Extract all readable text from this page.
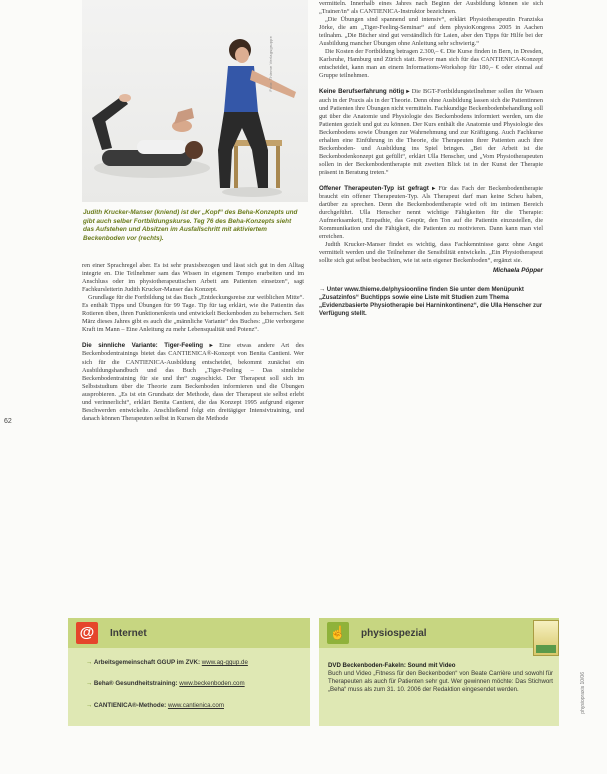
Foto: Thieme Verlagsgruppe
Judith Krucker-Manser (kniend) ist der „Kopf“ des Beha-Konzepts und gibt auch selber Fortbildungskurse. Teg 76 des Beha-Konzepts sieht das Aufstehen und Absitzen im Ausfallschritt mit aktiviertem Beckenboden vor (rechts).
62

ren einer Sprachregel aber. Es ist sehr praxisbezogen und lässt sich gut in den Alltag integrie en. Die Teilnehmer sam das Wissen in eigenem Tempo erarbeiten und im Anschluss oder im physiotherapeutischen Arbeit am Patienten einsetzen“, sagt Fachkursleiterin Judith Krucker-Manser das Konzept.

Grundlage für die Fortbildung ist das Buch „Entdeckungsreise zur weiblichen Mitte“. Es enthält Tipps und Übungen für 99 Tage. Tip für tag erklärt, wie die Patientin das Rotieren üben, ihren Funktionenkreis und entwickelt Beckenboden zu beherrschen. Seit März dieses Jahres gibt es auch die „männliche Variante“ des Buches: „Die verborgene Kraft im Mann – Eine Anleitung zu mehr Lebensqualität und Potenz“.

Die sinnliche Variante: Tiger-Feeling ▸ Eine etwas andere Art des Beckenbodentrainings bietet das CANTIENICA®-Konzept von Benita Cantieni. Wer sich für die CANTIENICA-Ausbildung entscheidet, bekommt zunächst ein Ausbildungshandbuch und das Buch „Tiger-Feeling – Das sinnliche Beckenbodentraining für sie und ihn“ zugeschickt. Der Therapeut soll sich im Selbststudium über die Theorie zum Beckenboden informieren und die Übungen ausprobieren. „Es ist ein Grundsatz der Methode, dass der Therapeut sie selbst erlebt und verinnerlicht“, erklärt Benita Cantieni, die das Konzept 1995 aufgrund eigener Beschwerden entwickelte. Anschließend folgt ein dreitägiger Intensivtraining, und danach können Therapeuten selbst in Kursen die Methode

vermitteln. Innerhalb eines Jahres nach Beginn der Ausbildung können sie sich „Trainer/in“ als CANTIENICA-Instruktor bezeichnen.

„Die Übungen sind spannend und intensiv“, erklärt Physiotherapeutin Franziska Jörke, die am „Tiger-Feeling-Seminar“ auf dem physioKongress 2005 in Aachen teilnahm. „Die Bücher sind gut verständlich für Laien, aber den Tipps für Hilfe bei der Ausbildung mancher Übungen ohne Anleitung sehr schwierig.“

Die Kosten der Fortbildung betragen 2.300,– €. Die Kurse finden in Bern, in Dresden, Karlsruhe, Hamburg und Zürich statt. Bevor man sich für das CANTIENICA-Konzept entscheidet, kann man an einem Informations-Workshop für 180,– € oder einmal auf Gruppe teilnehmen.

Keine Berufserfahrung nötig ▸ Die BGT-Fortbildungsteilnehmer sollen ihr Wissen auch in der Praxis als in der Theorie. Denn ohne Ausbildung lassen sich die Patientinnen und Patienten ihre Übungen nicht vermitteln. Fachkundige Beckenbodenbehandlung soll gut über die Anatomie und Physiologie des Beckenbodens informiert werden, um die Patienten gezielt und gut zu können. Der Kurs enthält die Anatomie und Physiologie des Beckenbodens sowie Übungen zur Wahrnehmung und zur Kräftigung. Auch Fachkurse erhalten eine Einführung in die Theorie, die Therapeuten ihrer Patienten auch ihre Beckenboden- und Ausbildung ins Spiel bringen. „Bei der Arbeit ist die Beckenbodenkonzept gut gefüllt“, erklärt Ulla Henscher, und „Vom Physiotherapeuten sollen in der Beckenbodentherapie mit zweiten Blick ist in der Kunst der Therapie präsent in Beratung treten.“

Offener Therapeuten-Typ ist gefragt ▸ Für das Fach der Beckenbodentherapie braucht ein offener Therapeuten-Typ. Als Therapeut darf man keine Scheu haben, darüber zu sprechen. Denn die Beckenbodentherapie wird oft im intimen Bereich durchgeführt. Ulla Henscher nennt wichtige Fähigkeiten für die Therapie: Aufmerksamkeit, Empathie, das Gespür, den Ton auf die Patientin einzustellen, die Kommunikation und die Fähigkeit, die Patienten zu motivieren. Dann kann man viel erreichen.

Judith Krucker-Manser findet es wichtig, dass Fachkenntnisse ganz ohne Angst vermittelt werden und die Teilnehmer die Sensibilität entwickeln. „Ein Physiotherapeut sollte sich gut selbst beobachten, wie ist sein eigener Beckenboden“, ergänzt sie.

Michaela Pöpper
→ Unter www.thieme.de/physioonline finden Sie unter dem Menüpunkt „Zusatzinfos“ Buchtipps sowie eine Liste mit Studien zum Thema „Evidenzbasierte Physiotherapie bei Harninkontinenz“, die Ulla Henscher zur Verfügung stellt.
@	Internet
→ Arbeitsgemeinschaft GGUP im ZVK: www.ag-ggup.de
→ Beha® Gesundheitstraining: www.beckenboden.com
→ CANTIENICA®-Methode: www.cantienica.com
☝ physiospezial
DVD Beckenboden-Fakeln: Sound mit Video
Buch und Video „Fitness für den Beckenboden“ von Beate Carrière und sowohl für Therapeuten als auch für Patienten sehr gut. Wer gewinnen möchte: Das Stichwort „Beha“ muss als zum 31. 10. 2006 der Redaktion eingesendet werden.	physiopraxis 10/06
